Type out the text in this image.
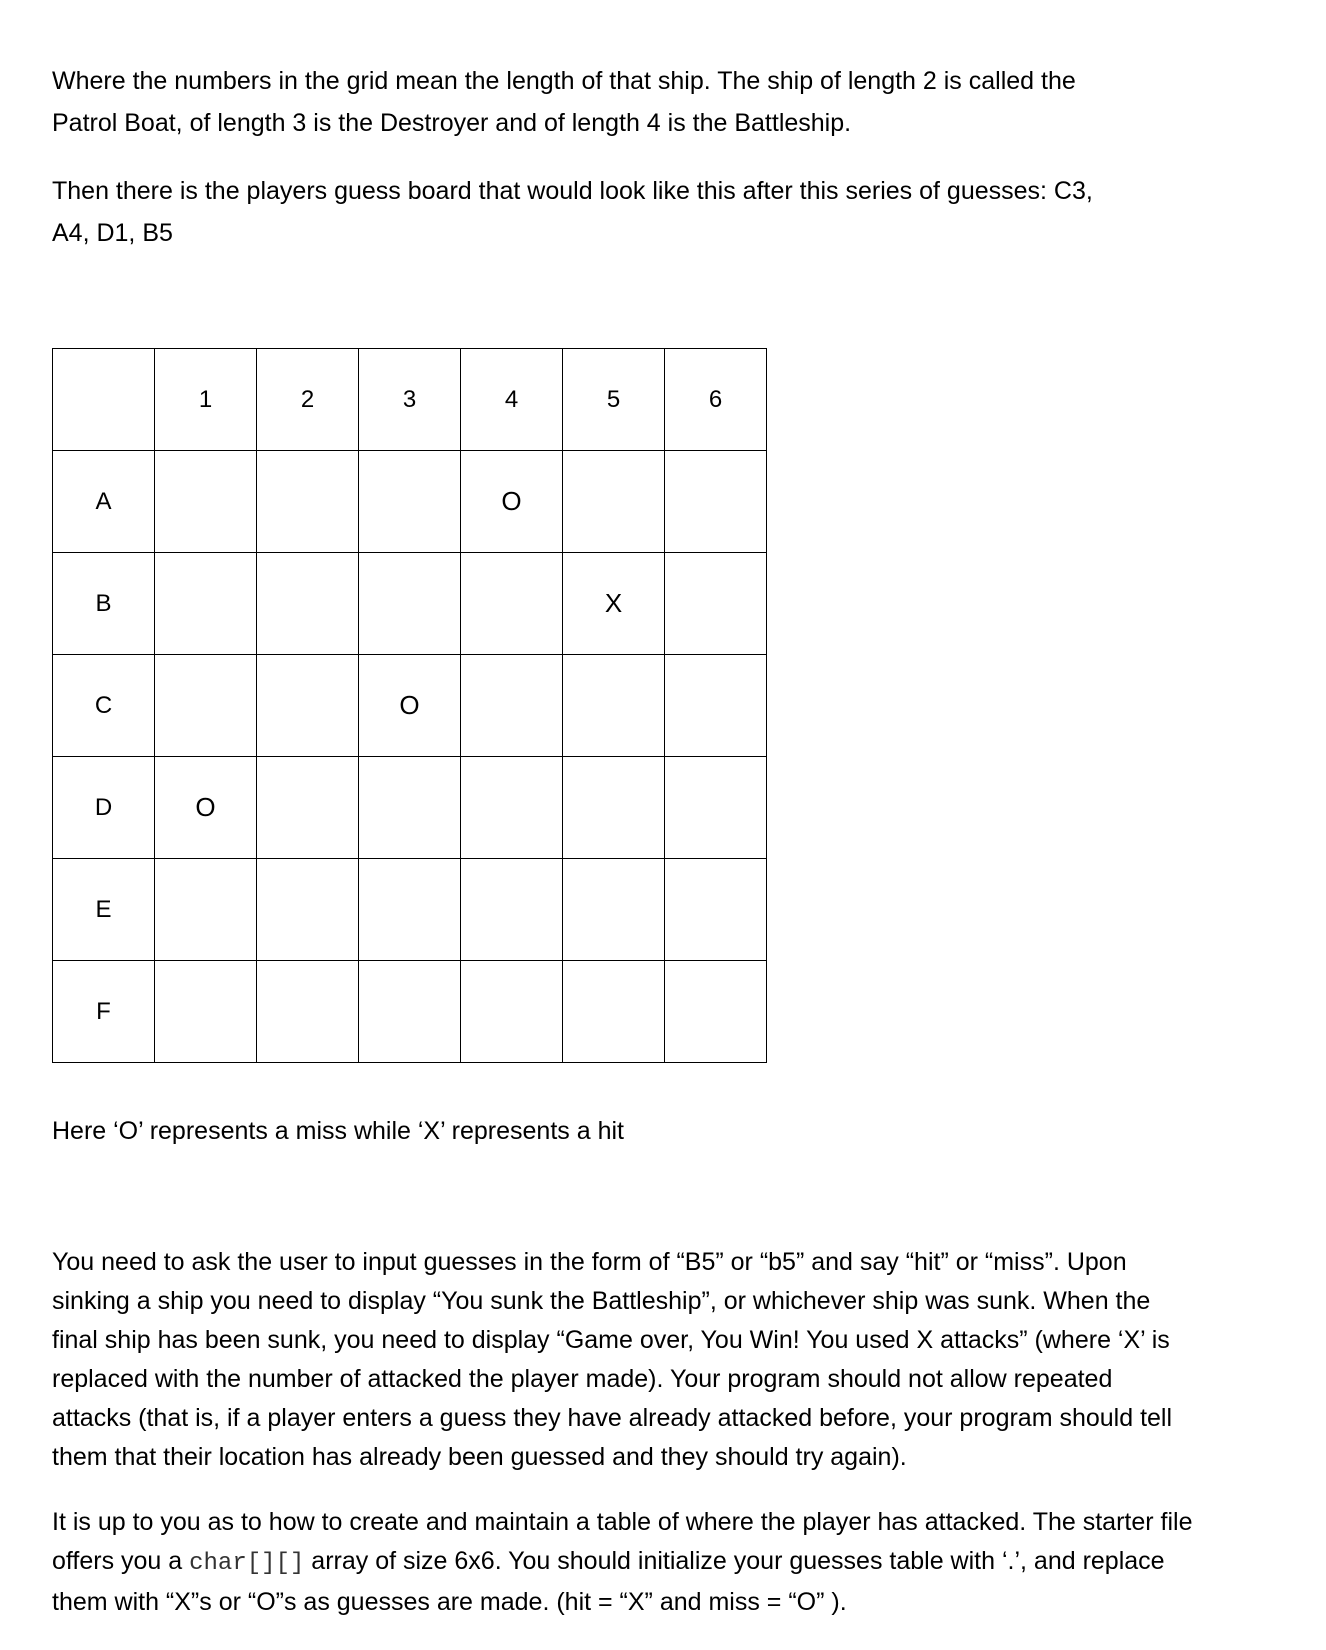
Where the numbers in the grid mean the length of that ship. The ship of length 2 is called the
Patrol Boat, of length 3 is the Destroyer and of length 4 is the Battleship.

Then there is the players guess board that would look like this after this series of guesses: C3,
A4, D1, B5

	1	2	3	4	5	6
A				O		
B					X	
C			O			
D	O					
E						
F						

Here ‘O’ represents a miss while ‘X’ represents a hit

You need to ask the user to input guesses in the form of “B5” or “b5” and say “hit” or “miss”. Upon
sinking a ship you need to display “You sunk the Battleship”, or whichever ship was sunk. When the
final ship has been sunk, you need to display “Game over, You Win! You used X attacks” (where ‘X’ is
replaced with the number of attacked the player made). Your program should not allow repeated
attacks (that is, if a player enters a guess they have already attacked before, your program should tell
them that their location has already been guessed and they should try again).

It is up to you as to how to create and maintain a table of where the player has attacked. The starter file
offers you a char[][] array of size 6x6. You should initialize your guesses table with ‘.’, and replace
them with “X”s or “O”s as guesses are made. (hit = “X” and miss = “O” ).
